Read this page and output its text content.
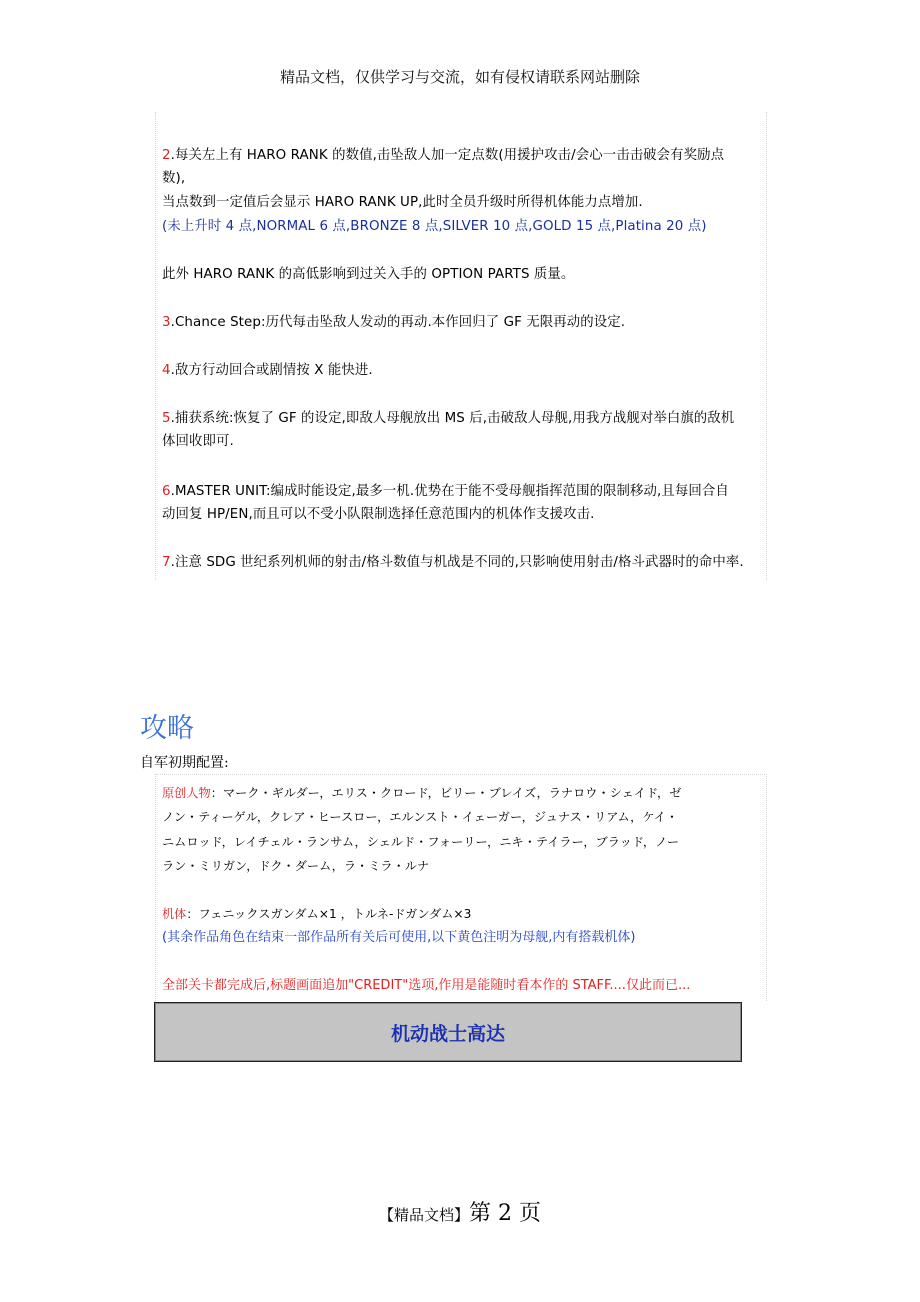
精品文档，仅供学习与交流，如有侵权请联系网站删除

2.每关左上有 HARO RANK 的数值,击坠敌人加一定点数(用援护攻击/会心一击击破会有奖励点

数),

当点数到一定值后会显示 HARO RANK UP,此时全员升级时所得机体能力点增加.

(未上升时 4 点,NORMAL 6 点,BRONZE 8 点,SILVER 10 点,GOLD 15 点,Platina 20 点)

此外 HARO RANK 的高低影响到过关入手的 OPTION PARTS 质量。

3.Chance Step:历代每击坠敌人发动的再动.本作回归了 GF 无限再动的设定.

4.敌方行动回合或剧情按 X 能快进.

5.捕获系统:恢复了 GF 的设定,即敌人母舰放出 MS 后,击破敌人母舰,用我方战舰对举白旗的敌机

体回收即可.

6.MASTER UNIT:编成时能设定,最多一机.优势在于能不受母舰指挥范围的限制移动,且每回合自

动回复 HP/EN,而且可以不受小队限制选择任意范围内的机体作支援攻击.

7.注意 SDG 世纪系列机师的射击/格斗数值与机战是不同的,只影响使用射击/格斗武器时的命中率.

攻略
自军初期配置:

原创人物：マーク・ギルダー，エリス・クロード，ビリー・ブレイズ，ラナロウ・シェイド，ゼ

ノン・ティーゲル，クレア・ヒースロー，エルンスト・イェーガー，ジュナス・リアム，ケイ・

ニムロッド，レイチェル・ランサム，シェルド・フォーリー，ニキ・テイラー，ブラッド，ノー

ラン・ミリガン，ドク・ダーム，ラ・ミラ・ルナ

机体：フェニックスガンダム×1 ，トルネ-ドガンダム×3

(其余作品角色在结束一部作品所有关后可使用,以下黄色注明为母舰,内有搭载机体)

全部关卡都完成后,标题画面追加"CREDIT"选项,作用是能随时看本作的 STAFF....仅此而已...

机动战士高达
【精品文档】第 2 页
